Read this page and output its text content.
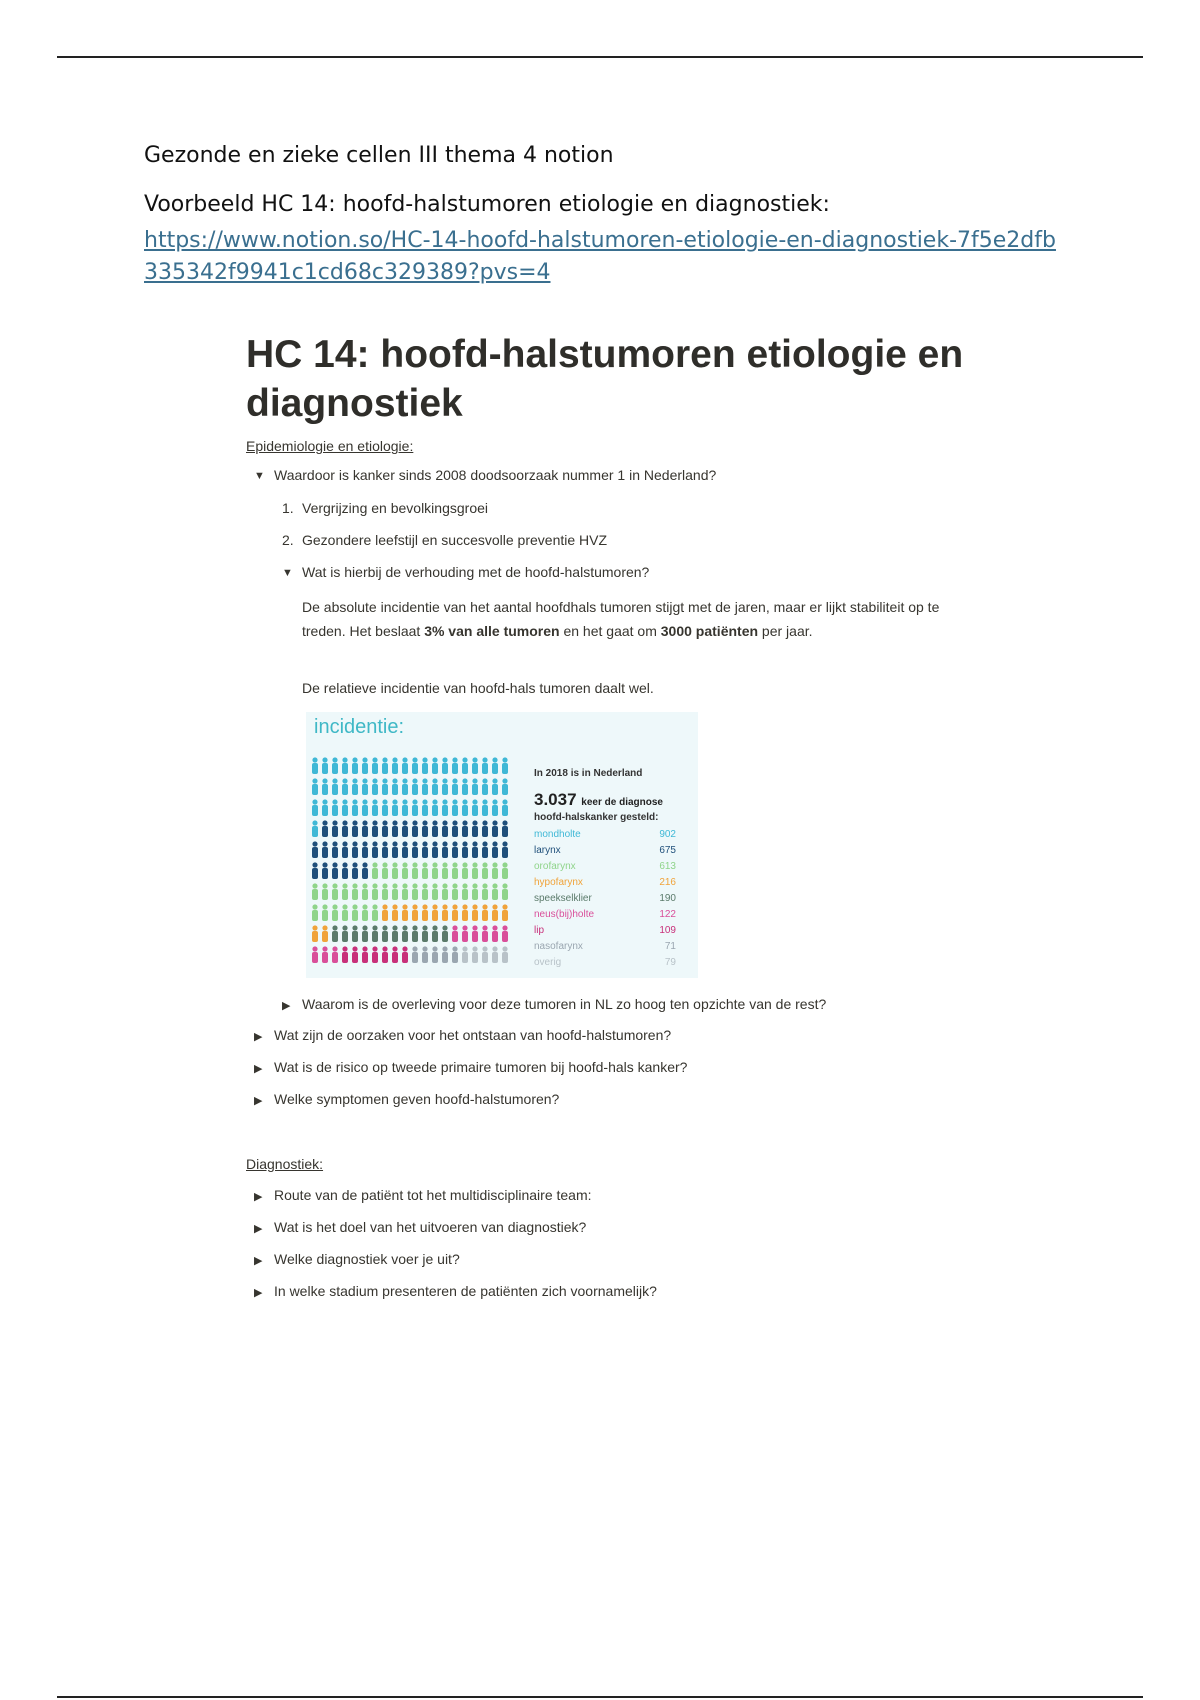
Gezonde en zieke cellen III thema 4 notion
Voorbeeld HC 14: hoofd-halstumoren etiologie en diagnostiek:
https://www.notion.so/HC-14-hoofd-halstumoren-etiologie-en-diagnostiek-7f5e2dfb335342f9941c1cd68c329389?pvs=4
HC 14: hoofd-halstumoren etiologie en diagnostiek
Epidemiologie en etiologie:
▼ Waardoor is kanker sinds 2008 doodsoorzaak nummer 1 in Nederland?
1. Vergrijzing en bevolkingsgroei
2. Gezondere leefstijl en succesvolle preventie HVZ
▼ Wat is hierbij de verhouding met de hoofd-halstumoren?
De absolute incidentie van het aantal hoofdhals tumoren stijgt met de jaren, maar er lijkt stabiliteit op te treden. Het beslaat 3% van alle tumoren en het gaat om 3000 patiënten per jaar.
De relatieve incidentie van hoofd-hals tumoren daalt wel.
incidentie:
In 2018 is in Nederland
3.037 keer de diagnose
hoofd-halskanker gesteld:
mondholte	902
larynx	675
orofarynx	613
hypofarynx	216
speekselklier	190
neus(bij)holte	122
lip	109
nasofarynx	71
overig	79
▶ Waarom is de overleving voor deze tumoren in NL zo hoog ten opzichte van de rest?
▶ Wat zijn de oorzaken voor het ontstaan van hoofd-halstumoren?
▶ Wat is de risico op tweede primaire tumoren bij hoofd-hals kanker?
▶ Welke symptomen geven hoofd-halstumoren?
Diagnostiek:
▶ Route van de patiënt tot het multidisciplinaire team:
▶ Wat is het doel van het uitvoeren van diagnostiek?
▶ Welke diagnostiek voer je uit?
▶ In welke stadium presenteren de patiënten zich voornamelijk?
